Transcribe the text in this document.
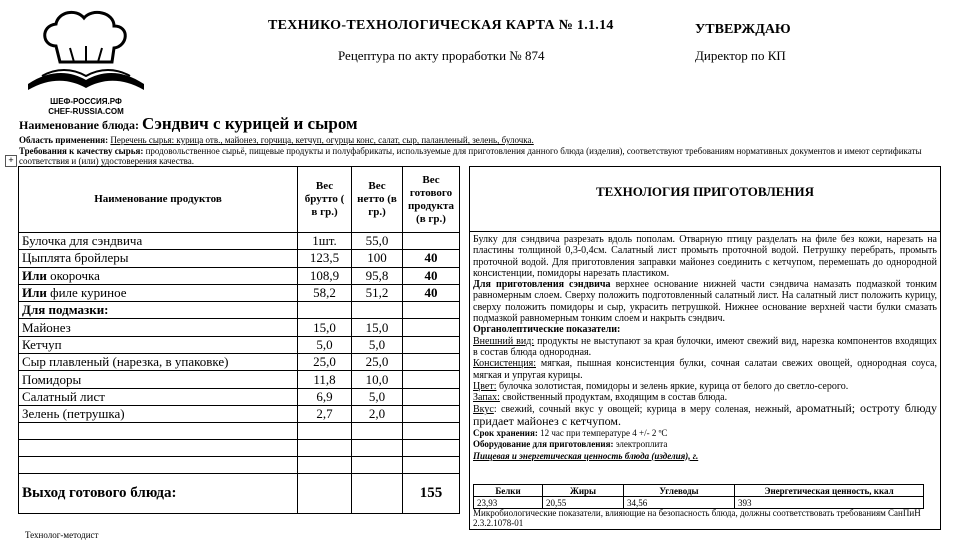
ШЕФ-РОССИЯ.РФ
CHEF-RUSSIA.COM
ТЕХНИКО-ТЕХНОЛОГИЧЕСКАЯ КАРТА № 1.1.14
Рецептура по акту проработки № 874
УТВЕРЖДАЮ
Директор по КП
Наименование блюда: Сэндвич с курицей и сыром
Область применения: Перечень сырья: курица отв., майонез, горчица, кетчуп, огурцы конс, салат, сыр, паланленый, зелень, булочка.
Требования к качеству сырья: продовольственное сырьё, пищевые продукты и полуфабрикаты, используемые для приготовления данного блюда (изделия), соответствуют требованиям нормативных документов и имеют сертификаты соответствия и (или) удостоверения качества.
+
Наименование продуктов	Вес брутто ( в гр.)	Вес нетто (в гр.)	Вес готового продукта (в гр.)
Булочка для сэндвича	1шт.	55,0	
Цыплята бройлеры	123,5	100	40
Или окорочка	108,9	95,8	40
Или филе куриное	58,2	51,2	40
Для подмазки:			
Майонез	15,0	15,0	
Кетчуп	5,0	5,0	
Сыр плавленый (нарезка, в упаковке)	25,0	25,0	
Помидоры	11,8	10,0	
Салатный лист	6,9	5,0	
Зелень (петрушка)	2,7	2,0	

Выход готового блюда:			155
ТЕХНОЛОГИЯ ПРИГОТОВЛЕНИЯ

Булку для сэндвича разрезать вдоль пополам. Отварную птицу разделать на филе без кожи, нарезать на пластины толщиной 0,3-0,4см. Салатный лист промыть проточной водой. Петрушку перебрать, промыть проточной водой. Для приготовления заправки майонез соединить с кетчупом, перемешать до однородной консистенции, помидоры нарезать пластиком.

Для приготовления сэндвича верхнее основание нижней части сэндвича намазать подмазкой тонким равномерным слоем. Сверху положить подготовленный салатный лист. На салатный лист положить курицу, сверху положить помидоры и сыр, украсить петрушкой. Нижнее основание верхней части булки смазать подмазкой равномерным тонким слоем и накрыть сэндвич.

Органолептические показатели:

Внешний вид: продукты не выступают за края булочки, имеют свежий вид, нарезка компонентов входящих в состав блюда однородная.

Консистенция: мягкая, пышная консистенция булки, сочная салатаи свежих овощей, однородная соуса, мягкая и упругая курицы.

Цвет: булочка золотистая, помидоры и зелень яркие, курица от белого до светло-серого.

Запах: свойственный продуктам, входящим в состав блюда.

Вкус: свежий, сочный вкус у овощей; курица в меру соленая, нежный, ароматный; остроту блюду придает майонез с кетчупом.

Срок хранения: 12 час при температуре 4 +/- 2 ºС

Оборудование для приготовления: электроплита

Пищевая и энергетическая ценность блюда (изделия), г.

Белки	Жиры	Углеводы	Энергетическая ценность, ккал
23,93	20,55	34,56	393
Микробиологические показатели, влияющие на безопасность блюда, должны соответствовать требованиям СанПиН 2.3.2.1078-01
Технолог-методист
